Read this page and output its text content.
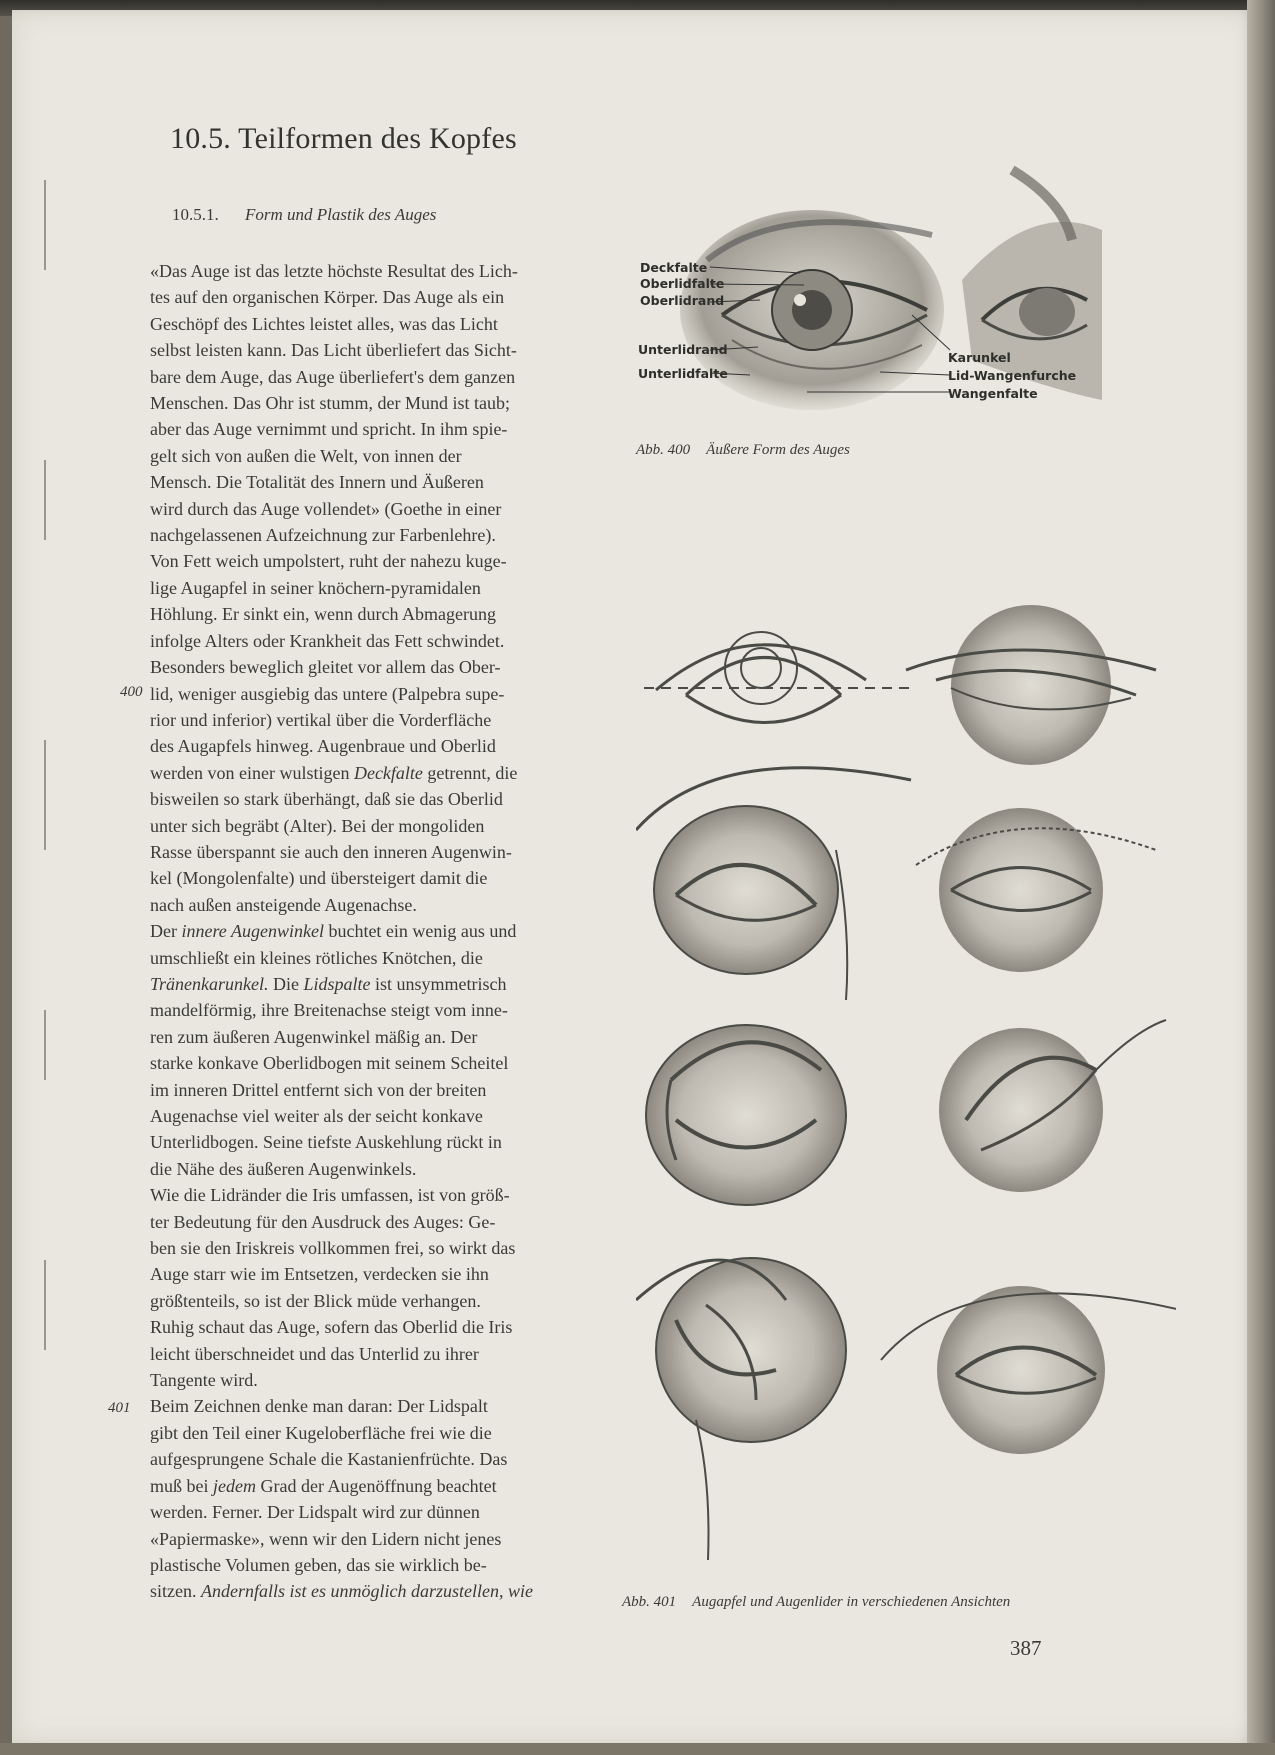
10.5. Teilformen des Kopfes
10.5.1. Form und Plastik des Auges

«Das Auge ist das letzte höchste Resultat des Lich-

tes auf den organischen Körper. Das Auge als ein

Geschöpf des Lichtes leistet alles, was das Licht

selbst leisten kann. Das Licht überliefert das Sicht-

bare dem Auge, das Auge überliefert's dem ganzen

Menschen. Das Ohr ist stumm, der Mund ist taub;

aber das Auge vernimmt und spricht. In ihm spie-

gelt sich von außen die Welt, von innen der

Mensch. Die Totalität des Innern und Äußeren

wird durch das Auge vollendet» (Goethe in einer

nachgelassenen Aufzeichnung zur Farbenlehre).

Von Fett weich umpolstert, ruht der nahezu kuge-

lige Augapfel in seiner knöchern-pyramidalen

Höhlung. Er sinkt ein, wenn durch Abmagerung

infolge Alters oder Krankheit das Fett schwindet.

Besonders beweglich gleitet vor allem das Ober-

lid, weniger ausgiebig das untere (Palpebra supe-

rior und inferior) vertikal über die Vorderfläche

des Augapfels hinweg. Augenbraue und Oberlid

werden von einer wulstigen Deckfalte getrennt, die

bisweilen so stark überhängt, daß sie das Oberlid

unter sich begräbt (Alter). Bei der mongoliden

Rasse überspannt sie auch den inneren Augenwin-

kel (Mongolenfalte) und übersteigert damit die

nach außen ansteigende Augenachse.

Der innere Augenwinkel buchtet ein wenig aus und

umschließt ein kleines rötliches Knötchen, die

Tränenkarunkel. Die Lidspalte ist unsymmetrisch

mandelförmig, ihre Breitenachse steigt vom inne-

ren zum äußeren Augenwinkel mäßig an. Der

starke konkave Oberlidbogen mit seinem Scheitel

im inneren Drittel entfernt sich von der breiten

Augenachse viel weiter als der seicht konkave

Unterlidbogen. Seine tiefste Auskehlung rückt in

die Nähe des äußeren Augenwinkels.

Wie die Lidränder die Iris umfassen, ist von größ-

ter Bedeutung für den Ausdruck des Auges: Ge-

ben sie den Iriskreis vollkommen frei, so wirkt das

Auge starr wie im Entsetzen, verdecken sie ihn

größtenteils, so ist der Blick müde verhangen.

Ruhig schaut das Auge, sofern das Oberlid die Iris

leicht überschneidet und das Unterlid zu ihrer

Tangente wird.

Beim Zeichnen denke man daran: Der Lidspalt

gibt den Teil einer Kugeloberfläche frei wie die

aufgesprungene Schale die Kastanienfrüchte. Das

muß bei jedem Grad der Augenöffnung beachtet

werden. Ferner. Der Lidspalt wird zur dünnen

«Papiermaske», wenn wir den Lidern nicht jenes

plastische Volumen geben, das sie wirklich be-

sitzen. Andernfalls ist es unmöglich darzustellen, wie

400
401
Deckfalte
Oberlidfalte
Oberlidrand
Unterlidrand
Unterlidfalte
Karunkel
Lid-Wangenfurche
Wangenfalte
Abb. 400 Äußere Form des Auges
Abb. 401 Augapfel und Augenlider in verschiedenen Ansichten
387
